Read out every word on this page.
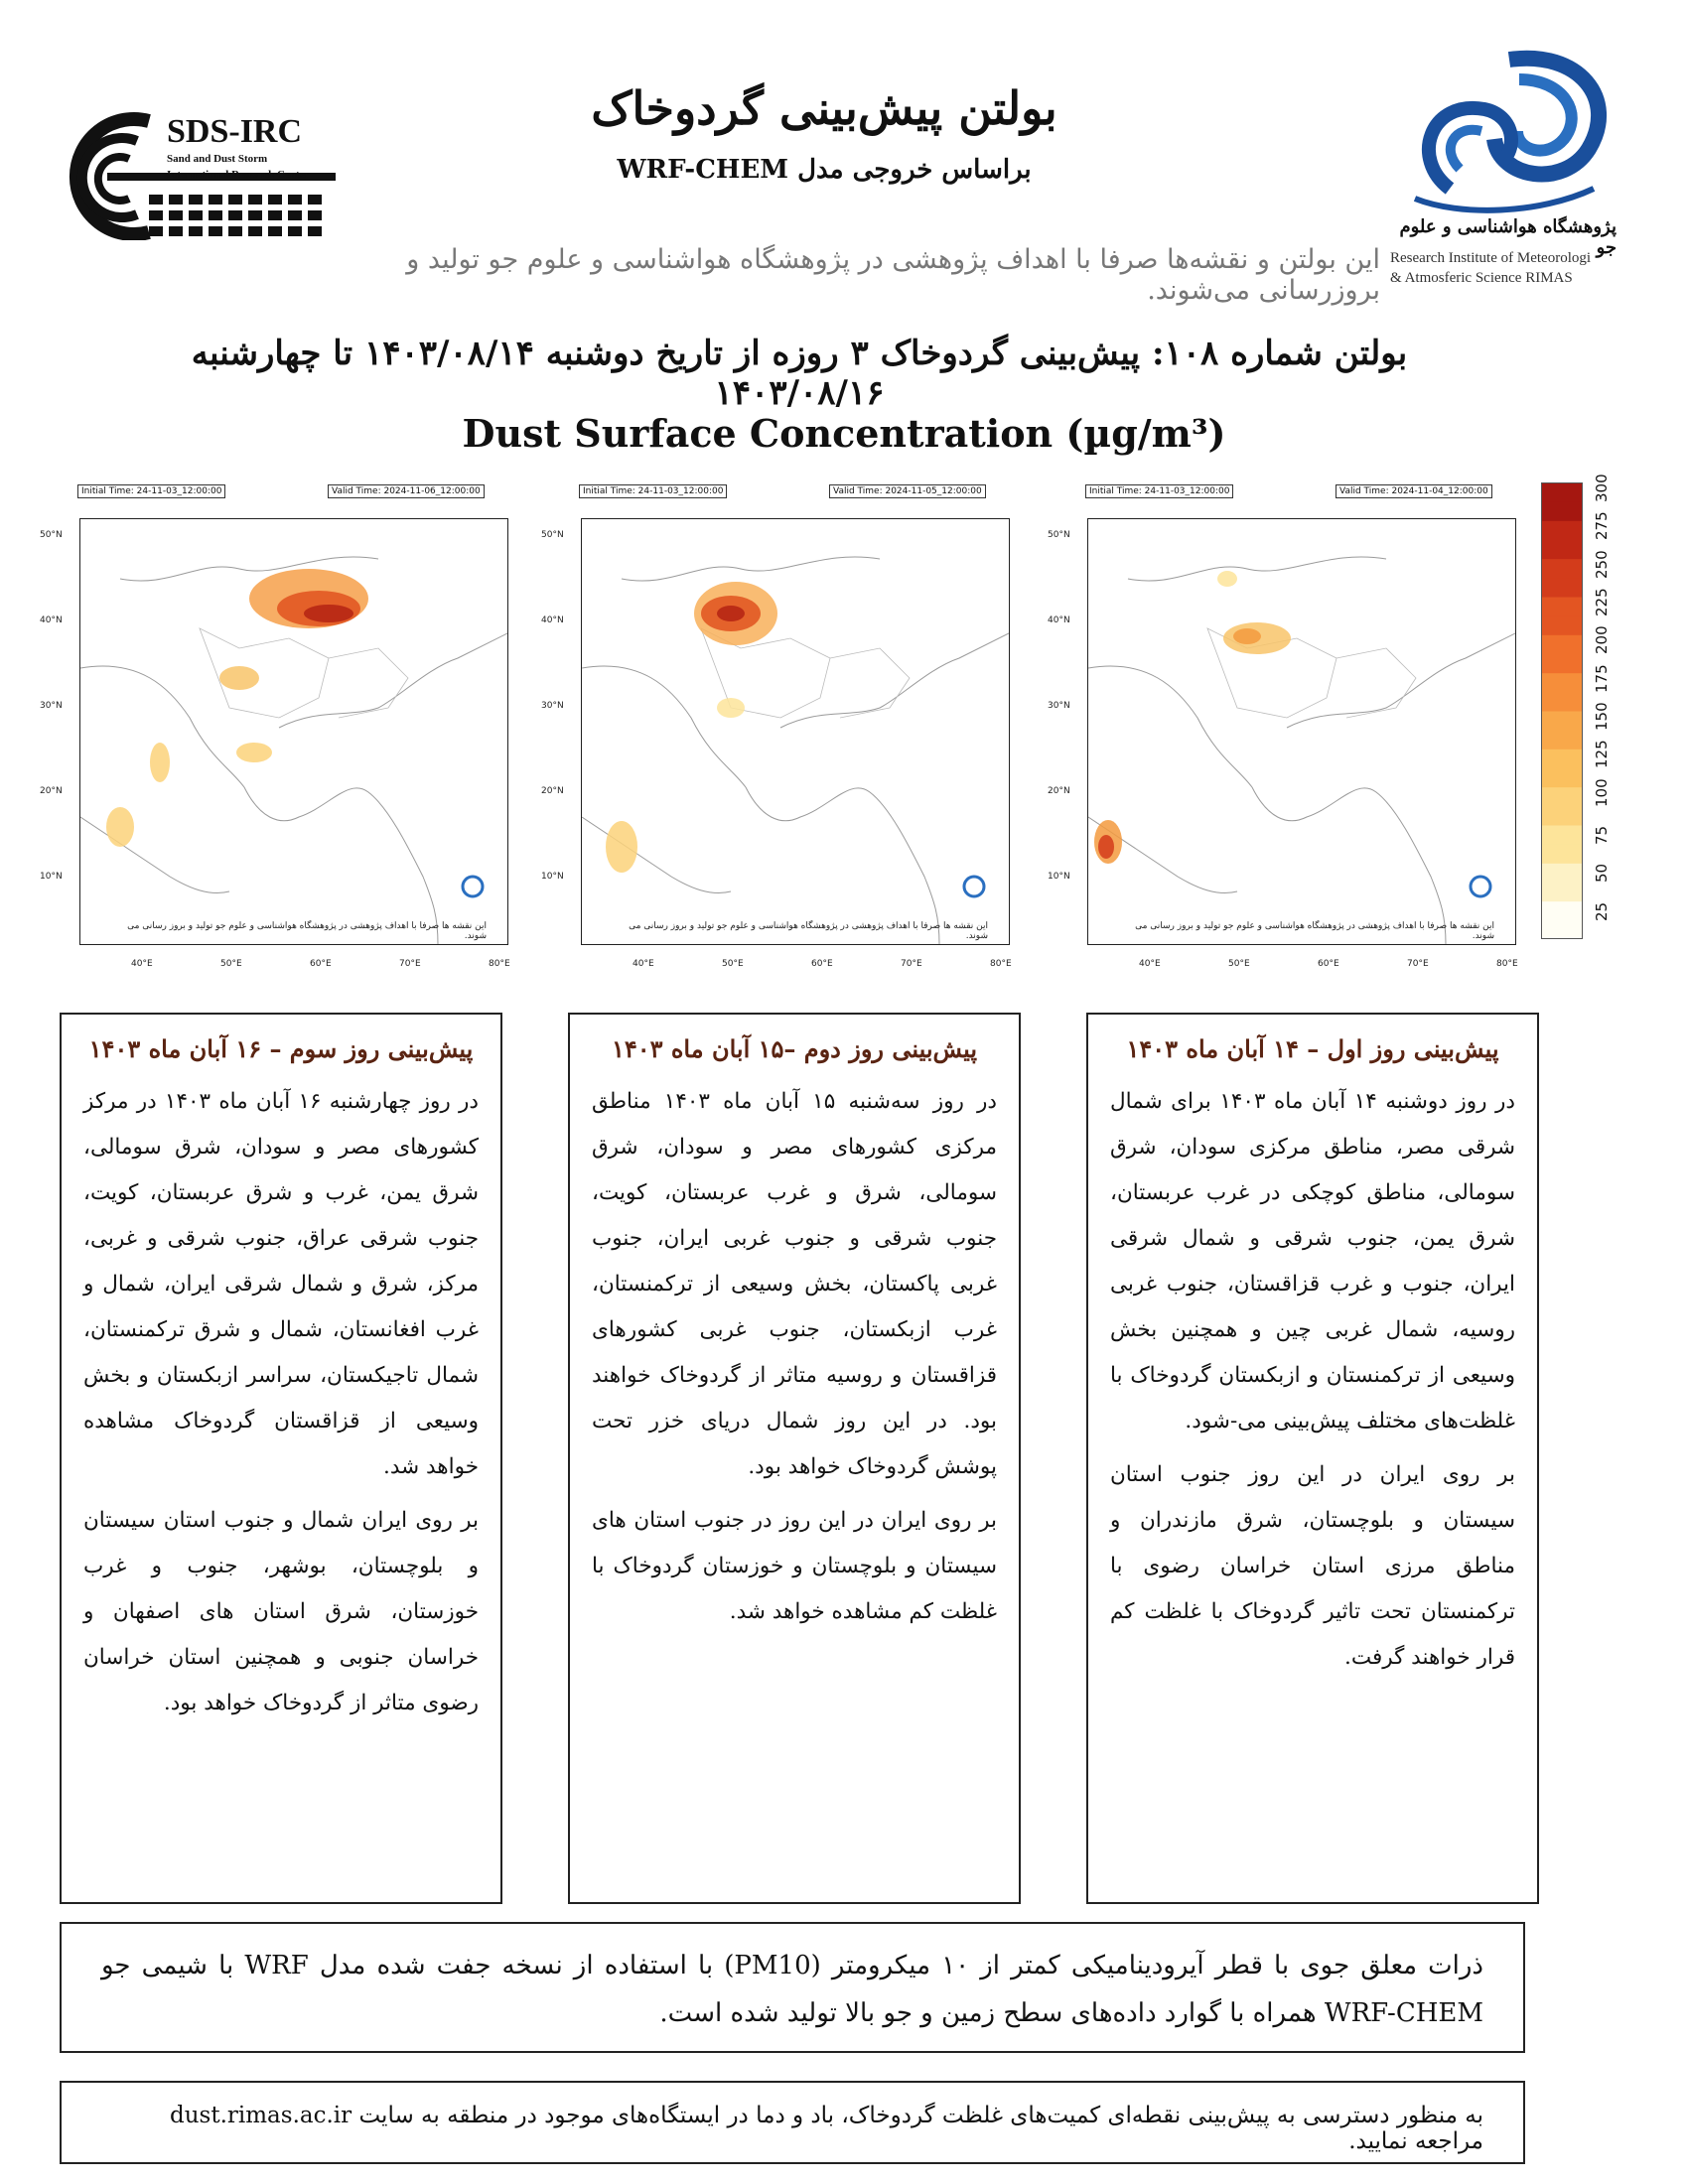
SDS-IRC
Sand and Dust Storm
International Research Center
پژوهشگاه هواشناسی و علوم جو
Research Institute of Meteorologi
& Atmosferic Science RIMAS
بولتن پیش‌بینی گردوخاک
براساس خروجی مدل WRF-CHEM
این بولتن و نقشه‌ها صرفا با اهداف پژوهشی در پژوهشگاه هواشناسی و علوم جو تولید و بروزرسانی می‌شوند.
بولتن شماره ۱۰۸: پیش‌بینی گردوخاک ۳ روزه از تاریخ دوشنبه ۱۴۰۳/۰۸/۱۴ تا چهارشنبه ۱۴۰۳/۰۸/۱۶
Dust Surface Concentration (µg/m³)
Initial Time: 24-11-03_12:00:00	Valid Time: 2024-11-06_12:00:00
این نقشه ها صرفا با اهداف پژوهشی در پژوهشگاه هواشناسی و علوم جو تولید و بروز رسانی می شوند.
50°N
40°N
30°N
20°N
10°N
40°E	50°E	60°E	70°E	80°E
Initial Time: 24-11-03_12:00:00	Valid Time: 2024-11-05_12:00:00
این نقشه ها صرفا با اهداف پژوهشی در پژوهشگاه هواشناسی و علوم جو تولید و بروز رسانی می شوند.
50°N
40°N
30°N
20°N
10°N
40°E	50°E	60°E	70°E	80°E
Initial Time: 24-11-03_12:00:00	Valid Time: 2024-11-04_12:00:00
این نقشه ها صرفا با اهداف پژوهشی در پژوهشگاه هواشناسی و علوم جو تولید و بروز رسانی می شوند.
50°N
40°N
30°N
20°N
10°N
40°E	50°E	60°E	70°E	80°E
25
50
75
100
125
150
175
200
225
250
275
300
پیش‌بینی روز سوم – ۱۶ آبان ماه ۱۴۰۳

در روز چهارشنبه ۱۶ آبان ماه ۱۴۰۳ در مرکز کشورهای مصر و سودان، شرق سومالی، شرق یمن، غرب و شرق عربستان، کویت، جنوب شرقی عراق، جنوب شرقی و غربی، مرکز، شرق و شمال شرقی ایران، شمال و غرب افغانستان، شمال و شرق ترکمنستان، شمال تاجیکستان، سراسر ازبکستان و بخش وسیعی از قزاقستان گردوخاک مشاهده خواهد شد.

بر روی ایران شمال و جنوب استان سیستان و بلوچستان، بوشهر، جنوب و غرب خوزستان، شرق استان های اصفهان و خراسان جنوبی و همچنین استان خراسان رضوی متاثر از گردوخاک خواهد بود.

پیش‌بینی روز دوم –۱۵ آبان ماه ۱۴۰۳

در روز سه‌شنبه ۱۵ آبان ماه ۱۴۰۳ مناطق مرکزی کشورهای مصر و سودان، شرق سومالی، شرق و غرب عربستان، کویت، جنوب شرقی و جنوب غربی ایران، جنوب غربی پاکستان، بخش وسیعی از ترکمنستان، غرب ازبکستان، جنوب غربی کشورهای قزاقستان و روسیه متاثر از گردوخاک خواهند بود. در این روز شمال دریای خزر تحت پوشش گردوخاک خواهد بود.

بر روی ایران در این روز در جنوب استان های سیستان و بلوچستان و خوزستان گردوخاک با غلظت کم مشاهده خواهد شد.

پیش‌بینی روز اول – ۱۴ آبان ماه ۱۴۰۳

در روز دوشنبه ۱۴ آبان ماه ۱۴۰۳ برای شمال شرقی مصر، مناطق مرکزی سودان، شرق سومالی، مناطق کوچکی در غرب عربستان، شرق یمن، جنوب شرقی و شمال شرقی ایران، جنوب و غرب قزاقستان، جنوب غربی روسیه، شمال غربی چین و همچنین بخش وسیعی از ترکمنستان و ازبکستان گردوخاک با غلظت‌های مختلف پیش‌بینی می-شود.

بر روی ایران در این روز جنوب استان سیستان و بلوچستان، شرق مازندران و مناطق مرزی استان خراسان رضوی با ترکمنستان تحت تاثیر گردوخاک با غلظت کم قرار خواهند گرفت.

ذرات معلق جوی با قطر آیرودینامیکی کمتر از ۱۰ میکرومتر (PM10) با استفاده از نسخه جفت شده مدل WRF با شیمی جو WRF-CHEM همراه با گوارد داده‌های سطح زمین و جو بالا تولید شده است.
به منظور دسترسی به پیش‌بینی نقطه‌ای کمیت‌های غلظت گردوخاک، باد و دما در ایستگاه‌های موجود در منطقه به سایت dust.rimas.ac.ir مراجعه نمایید.
